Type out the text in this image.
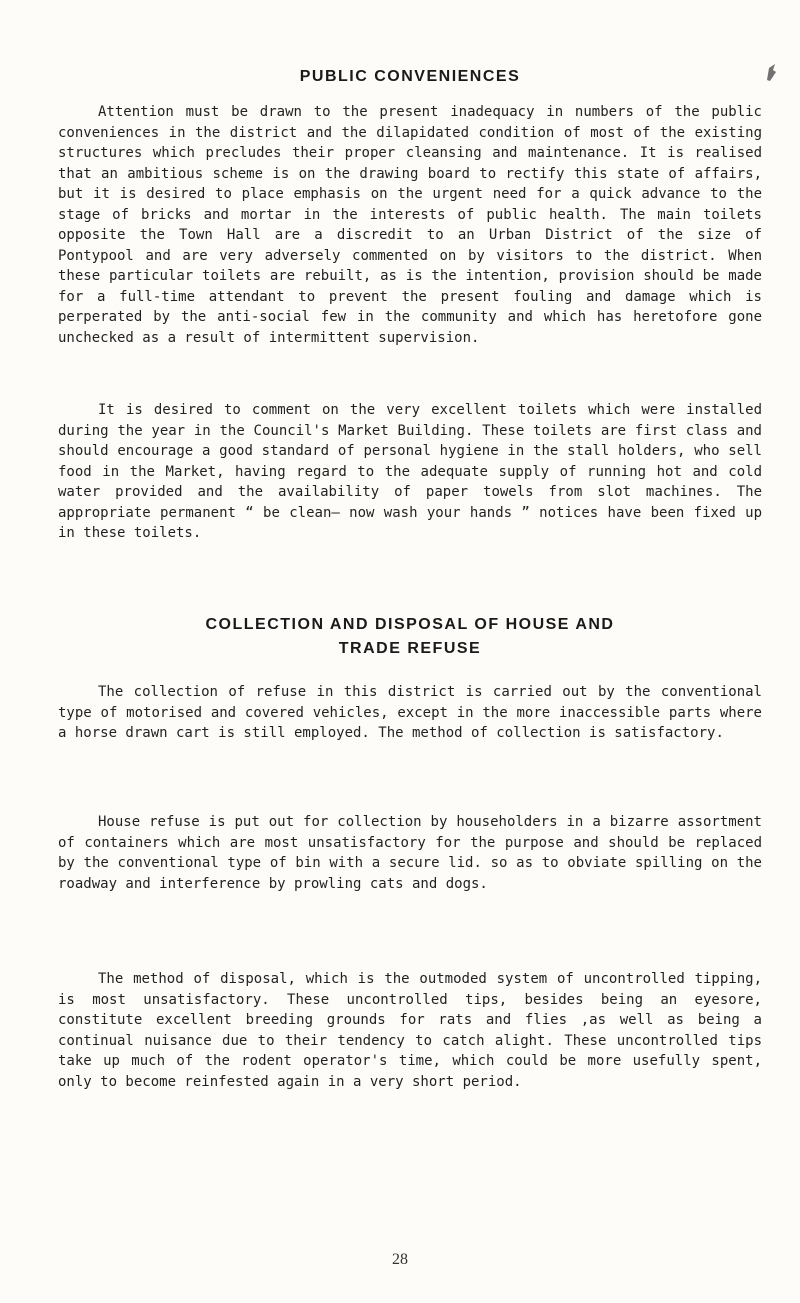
PUBLIC CONVENIENCES

Attention must be drawn to the present inadequacy in numbers of the public conveniences in the district and the dilapidated condition of most of the existing structures which precludes their proper cleansing and maintenance. It is realised that an ambitious scheme is on the drawing board to rectify this state of affairs, but it is desired to place emphasis on the urgent need for a quick advance to the stage of bricks and mortar in the interests of public health. The main toilets opposite the Town Hall are a discredit to an Urban District of the size of Pontypool and are very adversely commented on by visitors to the district. When these particular toilets are rebuilt, as is the intention, provision should be made for a full-time attendant to prevent the present fouling and damage which is perperated by the anti-social few in the community and which has heretofore gone unchecked as a result of intermittent supervision.

It is desired to comment on the very excellent toilets which were installed during the year in the Council's Market Building. These toilets are first class and should encourage a good standard of personal hygiene in the stall holders, who sell food in the Market, having regard to the adequate supply of running hot and cold water provided and the availability of paper towels from slot machines. The appropriate permanent “ be clean— now wash your hands ” notices have been fixed up in these toilets.

COLLECTION AND DISPOSAL OF HOUSE AND
TRADE REFUSE

The collection of refuse in this district is carried out by the conventional type of motorised and covered vehicles, except in the more inaccessible parts where a horse drawn cart is still employed. The method of collection is satisfactory.

House refuse is put out for collection by householders in a bizarre assortment of containers which are most unsatisfactory for the purpose and should be replaced by the conventional type of bin with a secure lid. so as to obviate spilling on the roadway and interference by prowling cats and dogs.

The method of disposal, which is the outmoded system of uncontrolled tipping, is most unsatisfactory. These uncontrolled tips, besides being an eyesore, constitute excellent breeding grounds for rats and flies ,as well as being a continual nuisance due to their tendency to catch alight. These uncontrolled tips take up much of the rodent operator's time, which could be more usefully spent, only to become reinfested again in a very short period.

28
